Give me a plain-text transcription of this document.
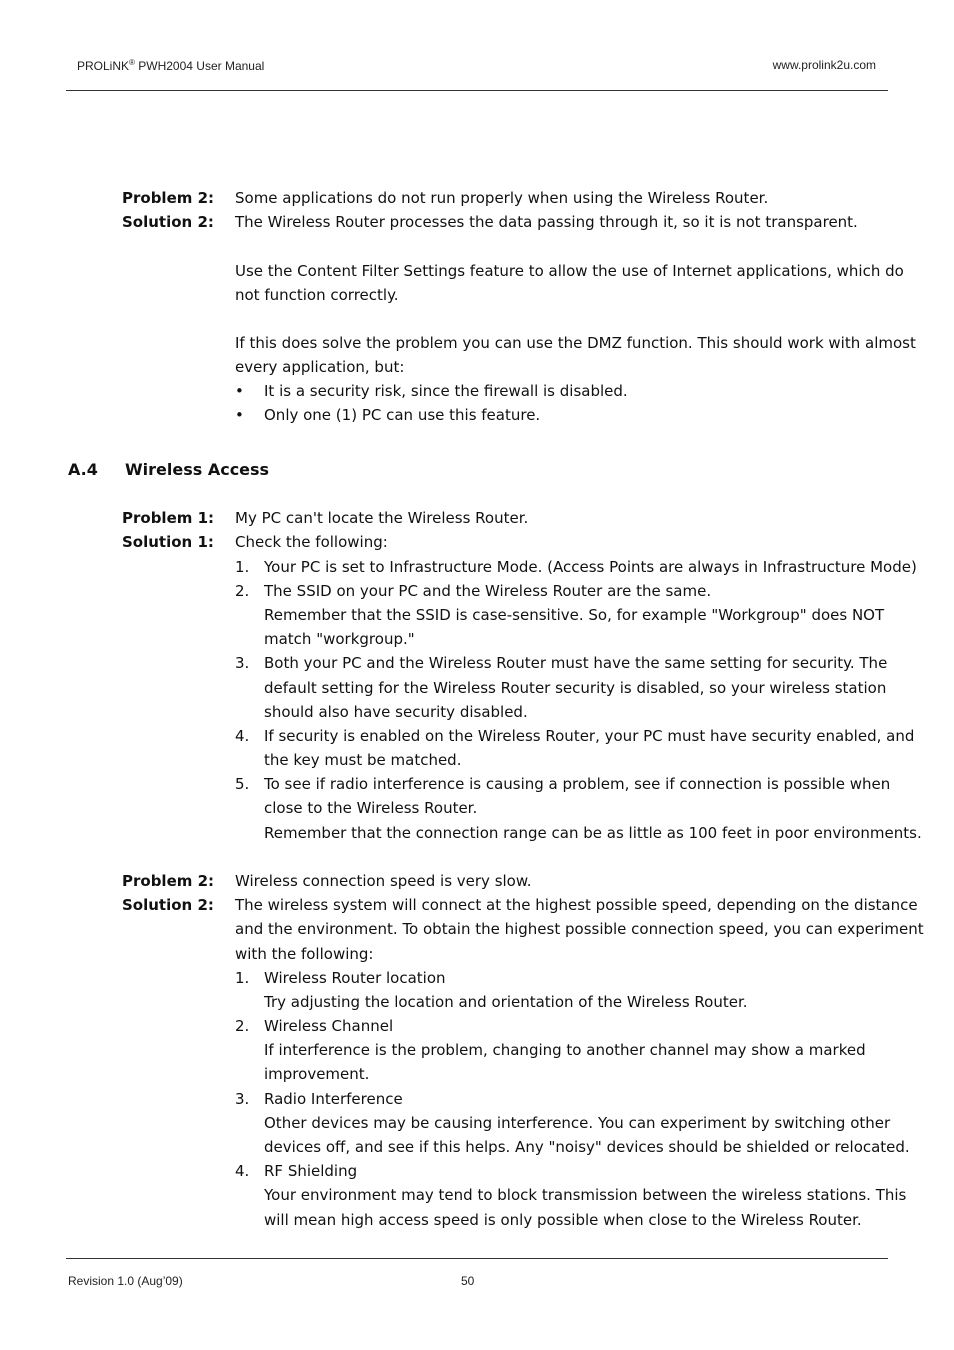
PROLiNK® PWH2004 User Manual	www.prolink2u.com
Problem 2: Some applications do not run properly when using the Wireless Router.
Solution 2: The Wireless Router processes the data passing through it, so it is not transparent.
Use the Content Filter Settings feature to allow the use of Internet applications, which do
not function correctly.
If this does solve the problem you can use the DMZ function. This should work with almost
every application, but:
• It is a security risk, since the firewall is disabled.
• Only one (1) PC can use this feature.
A.4 Wireless Access
Problem 1: My PC can't locate the Wireless Router.
Solution 1: Check the following:
1. Your PC is set to Infrastructure Mode. (Access Points are always in Infrastructure Mode)
2. The SSID on your PC and the Wireless Router are the same.
Remember that the SSID is case-sensitive. So, for example "Workgroup" does NOT
match "workgroup."
3. Both your PC and the Wireless Router must have the same setting for security. The
default setting for the Wireless Router security is disabled, so your wireless station
should also have security disabled.
4. If security is enabled on the Wireless Router, your PC must have security enabled, and
the key must be matched.
5. To see if radio interference is causing a problem, see if connection is possible when
close to the Wireless Router.
Remember that the connection range can be as little as 100 feet in poor environments.
Problem 2: Wireless connection speed is very slow.
Solution 2: The wireless system will connect at the highest possible speed, depending on the distance
and the environment. To obtain the highest possible connection speed, you can experiment
with the following:
1. Wireless Router location
Try adjusting the location and orientation of the Wireless Router.
2. Wireless Channel
If interference is the problem, changing to another channel may show a marked
improvement.
3. Radio Interference
Other devices may be causing interference. You can experiment by switching other
devices off, and see if this helps. Any "noisy" devices should be shielded or relocated.
4. RF Shielding
Your environment may tend to block transmission between the wireless stations. This
will mean high access speed is only possible when close to the Wireless Router.
Revision 1.0 (Aug’09)	50
